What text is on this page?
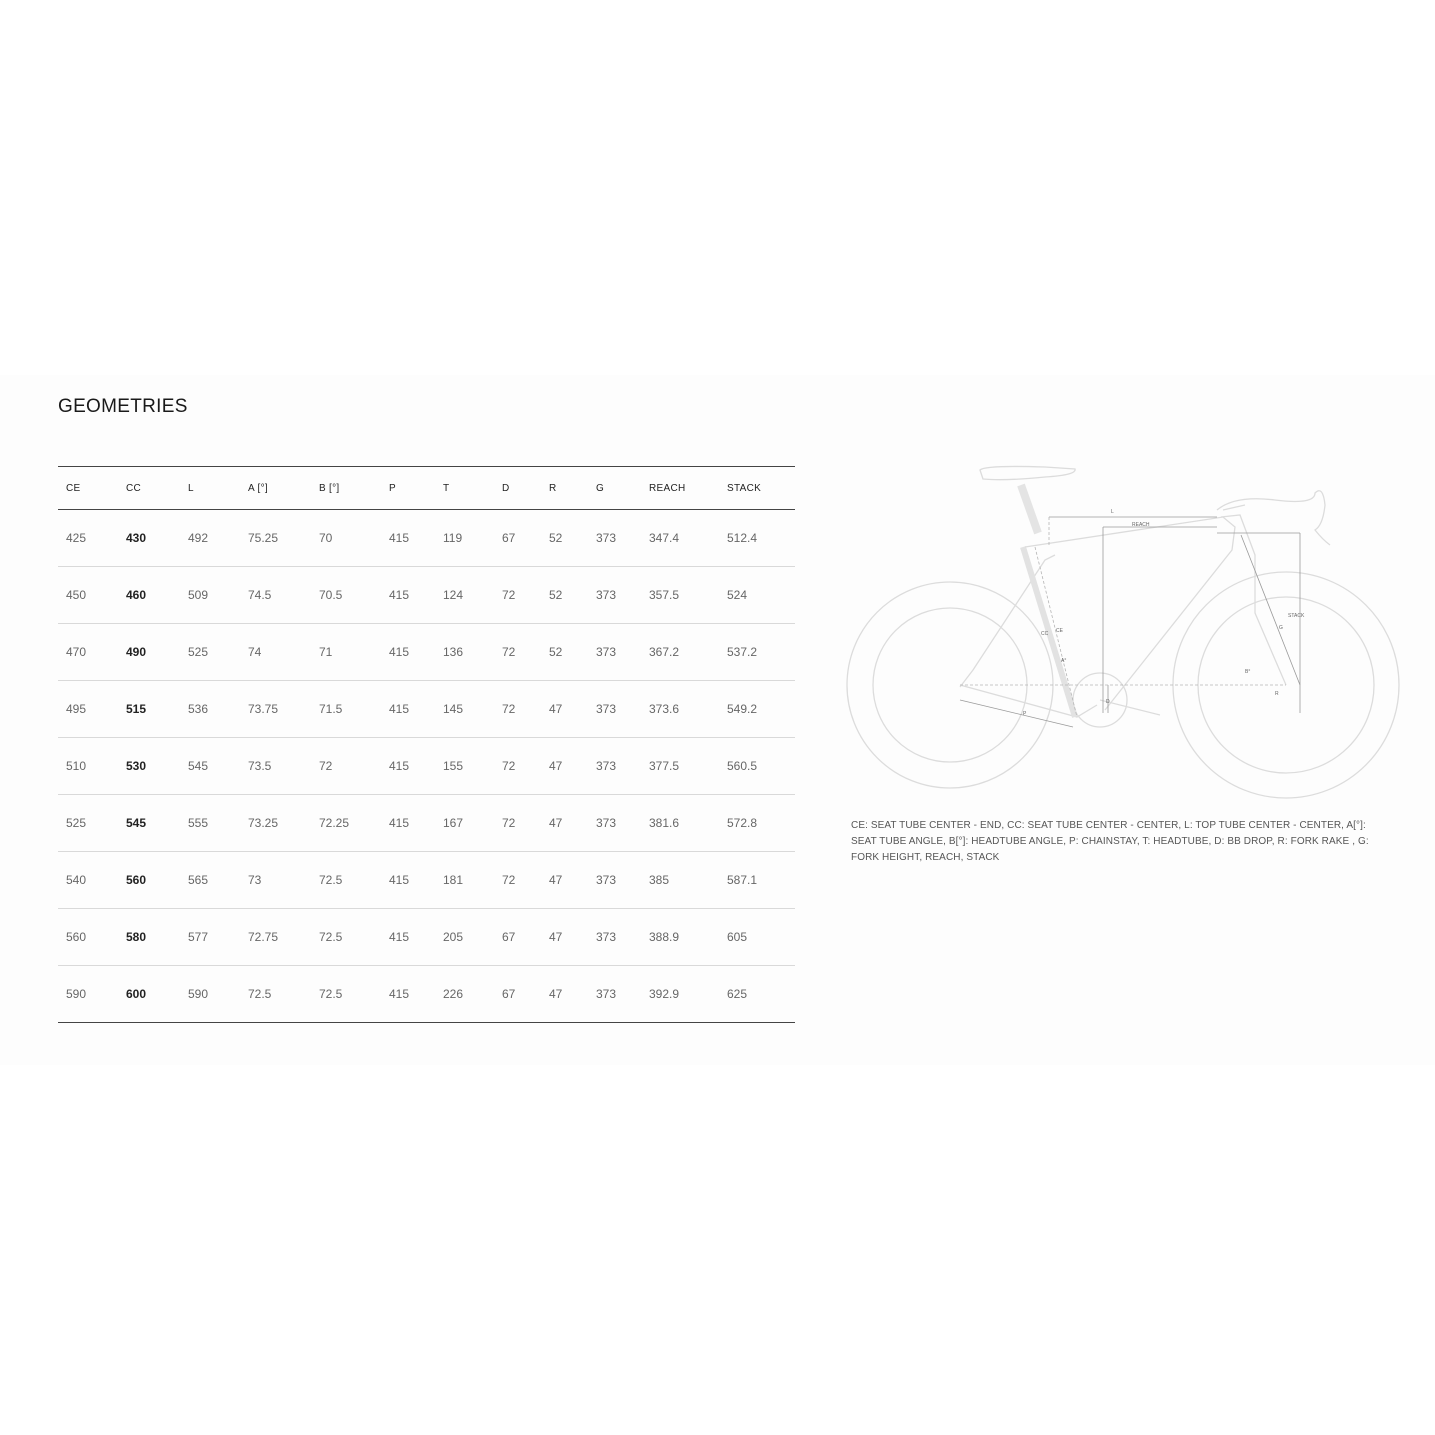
GEOMETRIES
CE	CC	L	A [°]	B [°]	P	T	D	R	G	REACH	STACK
425	430	492	75.25	70	415	119	67	52	373	347.4	512.4
450	460	509	74.5	70.5	415	124	72	52	373	357.5	524
470	490	525	74	71	415	136	72	52	373	367.2	537.2
495	515	536	73.75	71.5	415	145	72	47	373	373.6	549.2
510	530	545	73.5	72	415	155	72	47	373	377.5	560.5
525	545	555	73.25	72.25	415	167	72	47	373	381.6	572.8
540	560	565	73	72.5	415	181	72	47	373	385	587.1
560	580	577	72.75	72.5	415	205	67	47	373	388.9	605
590	600	590	72.5	72.5	415	226	67	47	373	392.9	625
L
REACH
STACK
CC CE
A°
B°
D
R
G
P
CE: SEAT TUBE CENTER - END, CC: SEAT TUBE CENTER - CENTER, L: TOP TUBE CENTER - CENTER, A[°]: SEAT TUBE ANGLE, B[°]: HEADTUBE ANGLE, P: CHAINSTAY, T: HEADTUBE, D: BB DROP, R: FORK RAKE , G: FORK HEIGHT, REACH, STACK
